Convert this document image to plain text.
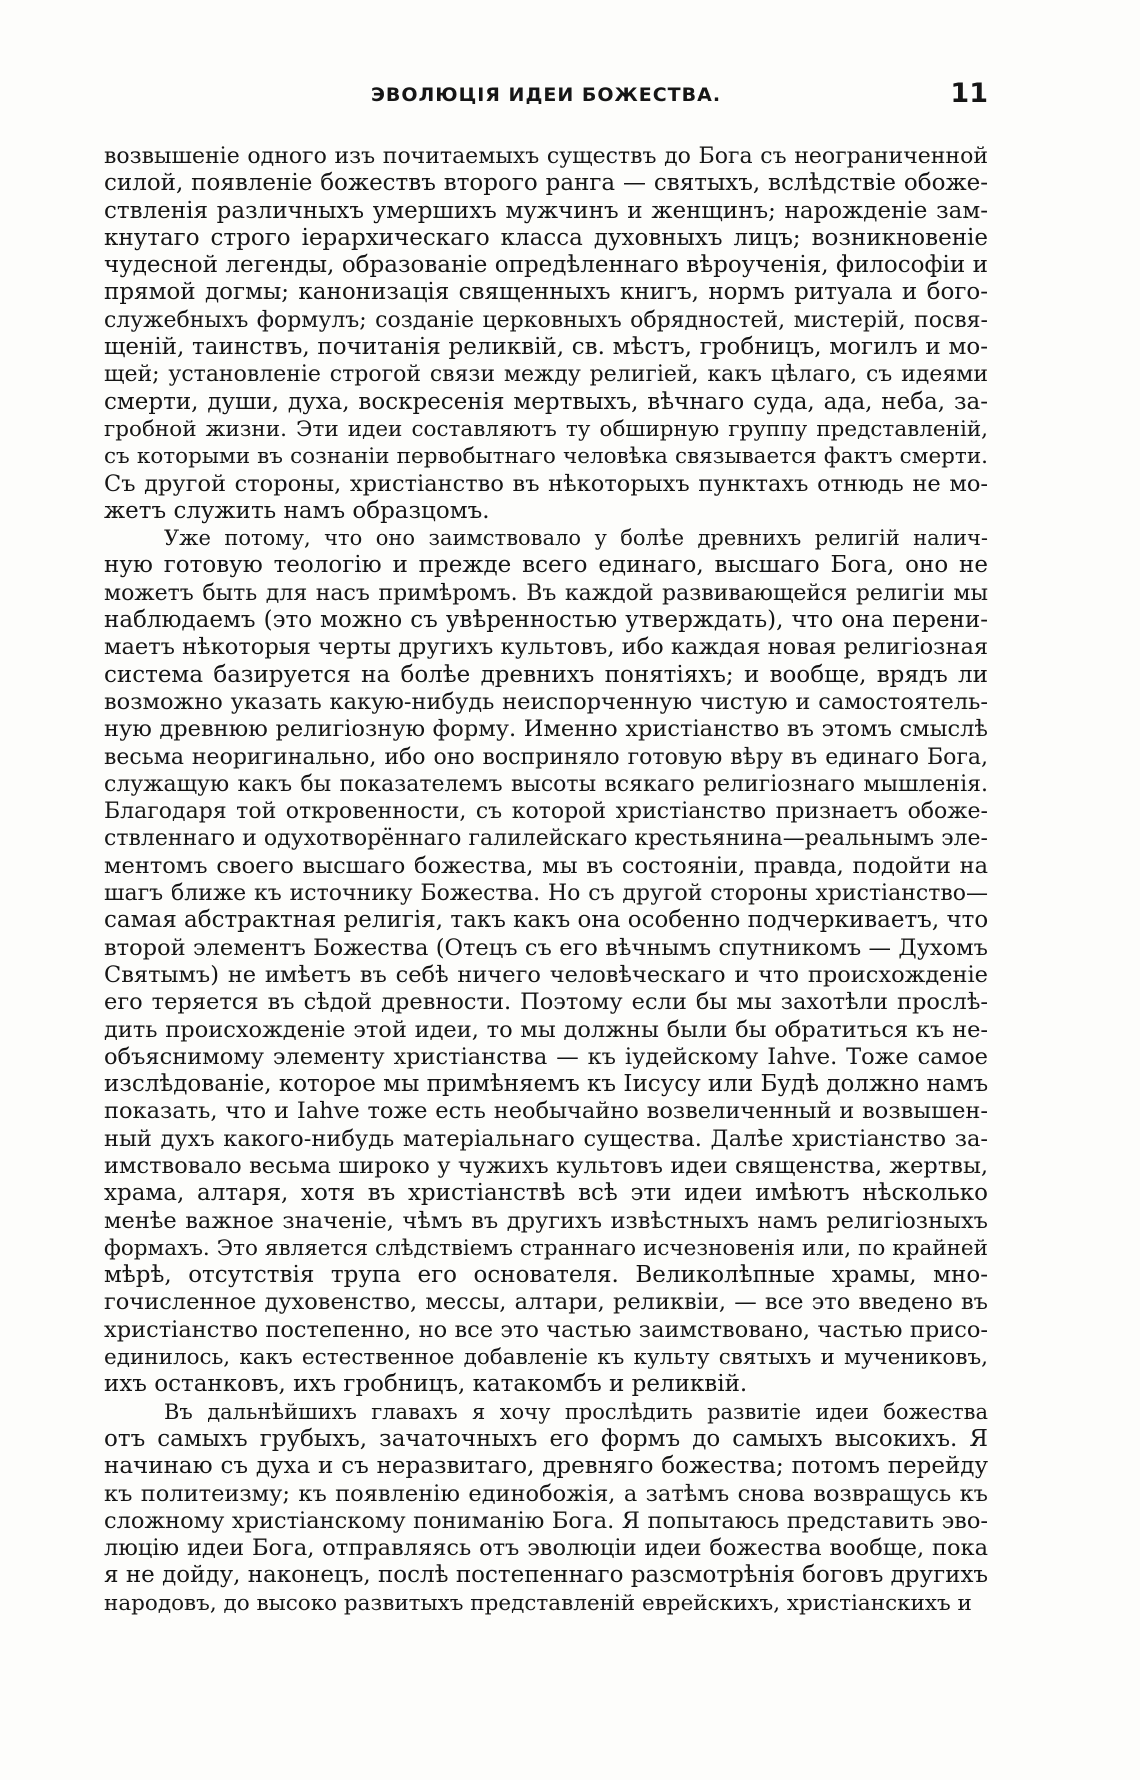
ЭВОЛЮЦІЯ ИДЕИ БОЖЕСТВА.	11
возвышеніе одного изъ почитаемыхъ существъ до Бога съ неограниченной
силой, появленіе божествъ второго ранга — святыхъ, вслѣдствіе обоже-
ствленія различныхъ умершихъ мужчинъ и женщинъ; нарожденіе зам-
кнутаго строго іерархическаго класса духовныхъ лицъ; возникновеніе
чудесной легенды, образованіе опредѣленнаго вѣроученія, философіи и
прямой догмы; канонизація священныхъ книгъ, нормъ ритуала и бого-
служебныхъ формулъ; созданіе церковныхъ обрядностей, мистерій, посвя-
щеній, таинствъ, почитанія реликвій, св. мѣстъ, гробницъ, могилъ и мо-
щей; установленіе строгой связи между религіей, какъ цѣлаго, съ идеями
смерти, души, духа, воскресенія мертвыхъ, вѣчнаго суда, ада, неба, за-
гробной жизни. Эти идеи составляютъ ту обширную группу представленій,
съ которыми въ сознаніи первобытнаго человѣка связывается фактъ смерти.
Съ другой стороны, христіанство въ нѣкоторыхъ пунктахъ отнюдь не мо-
жетъ служить намъ образцомъ.
Уже потому, что оно заимствовало у болѣе древнихъ религій налич-
ную готовую теологію и прежде всего единаго, высшаго Бога, оно не
можетъ быть для насъ примѣромъ. Въ каждой развивающейся религіи мы
наблюдаемъ (это можно съ увѣренностью утверждать), что она перени-
маетъ нѣкоторыя черты другихъ культовъ, ибо каждая новая религіозная
система базируется на болѣе древнихъ понятіяхъ; и вообще, врядъ ли
возможно указать какую-нибудь неиспорченную чистую и самостоятель-
ную древнюю религіозную форму. Именно христіанство въ этомъ смыслѣ
весьма неоригинально, ибо оно восприняло готовую вѣру въ единаго Бога,
служащую какъ бы показателемъ высоты всякаго религіознаго мышленія.
Благодаря той откровенности, съ которой христіанство признаетъ обоже-
ствленнаго и одухотворённаго галилейскаго крестьянина—реальнымъ эле-
ментомъ своего высшаго божества, мы въ состояніи, правда, подойти на
шагъ ближе къ источнику Божества. Но съ другой стороны христіанство—
самая абстрактная религія, такъ какъ она особенно подчеркиваетъ, что
второй элементъ Божества (Отецъ съ его вѣчнымъ спутникомъ — Духомъ
Святымъ) не имѣетъ въ себѣ ничего человѣческаго и что происхожденіе
его теряется въ сѣдой древности. Поэтому если бы мы захотѣли прослѣ-
дить происхожденіе этой идеи, то мы должны были бы обратиться къ не-
объяснимому элементу христіанства — къ іудейскому Iahve. Тоже самое
изслѣдованіе, которое мы примѣняемъ къ Іисусу или Будѣ должно намъ
показать, что и Iahve тоже есть необычайно возвеличенный и возвышен-
ный духъ какого-нибудь матеріальнаго существа. Далѣе христіанство за-
имствовало весьма широко у чужихъ культовъ идеи священства, жертвы,
храма, алтаря, хотя въ христіанствѣ всѣ эти идеи имѣютъ нѣсколько
менѣе важное значеніе, чѣмъ въ другихъ извѣстныхъ намъ религіозныхъ
формахъ. Это является слѣдствіемъ страннаго исчезновенія или, по крайней
мѣрѣ, отсутствія трупа его основателя. Великолѣпные храмы, мно-
гочисленное духовенство, мессы, алтари, реликвіи, — все это введено въ
христіанство постепенно, но все это частью заимствовано, частью присо-
единилось, какъ естественное добавленіе къ культу святыхъ и мучениковъ,
ихъ останковъ, ихъ гробницъ, катакомбъ и реликвій.
Въ дальнѣйшихъ главахъ я хочу прослѣдить развитіе идеи божества
отъ самыхъ грубыхъ, зачаточныхъ его формъ до самыхъ высокихъ. Я
начинаю съ духа и съ неразвитаго, древняго божества; потомъ перейду
къ политеизму; къ появленію единобожія, а затѣмъ снова возвращусь къ
сложному христіанскому пониманію Бога. Я попытаюсь представить эво-
люцію идеи Бога, отправляясь отъ эволюціи идеи божества вообще, пока
я не дойду, наконецъ, послѣ постепеннаго разсмотрѣнія боговъ другихъ
народовъ, до высоко развитыхъ представленій еврейскихъ, христіанскихъ и
